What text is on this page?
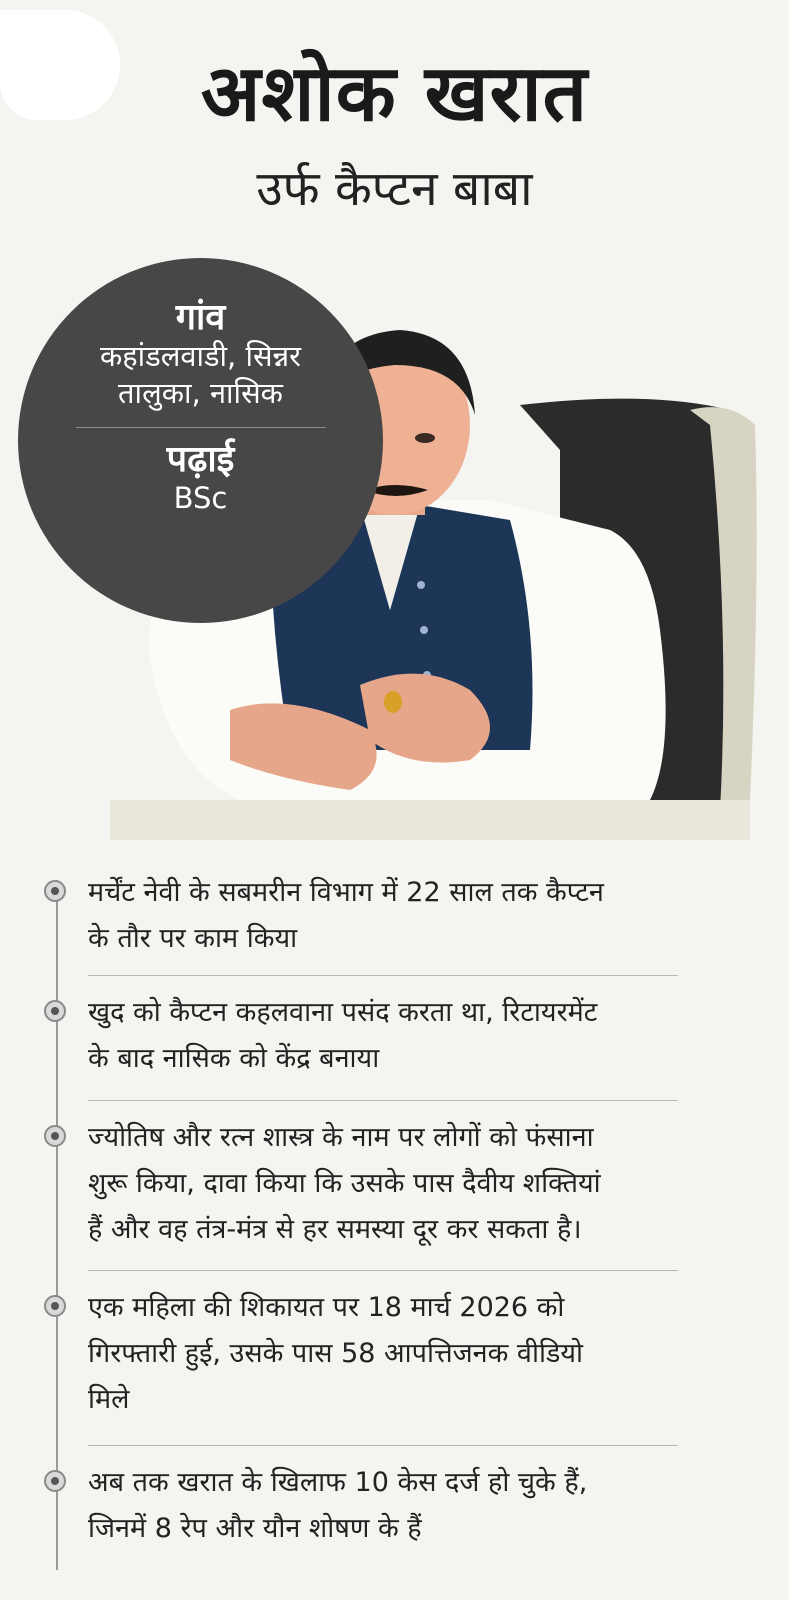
अशोक खरात
उर्फ कैप्टन बाबा
गांव
कहांडलवाडी, सिन्नर
तालुका, नासिक
पढ़ाई
BSc
मर्चेंट नेवी के सबमरीन विभाग में 22 साल तक कैप्टन
के तौर पर काम किया
खुद को कैप्टन कहलवाना पसंद करता था, रिटायरमेंट
के बाद नासिक को केंद्र बनाया
ज्योतिष और रत्न शास्त्र के नाम पर लोगों को फंसाना
शुरू किया, दावा किया कि उसके पास दैवीय शक्तियां
हैं और वह तंत्र-मंत्र से हर समस्या दूर कर सकता है।
एक महिला की शिकायत पर 18 मार्च 2026 को
गिरफ्तारी हुई, उसके पास 58 आपत्तिजनक वीडियो
मिले
अब तक खरात के खिलाफ 10 केस दर्ज हो चुके हैं,
जिनमें 8 रेप और यौन शोषण के हैं
